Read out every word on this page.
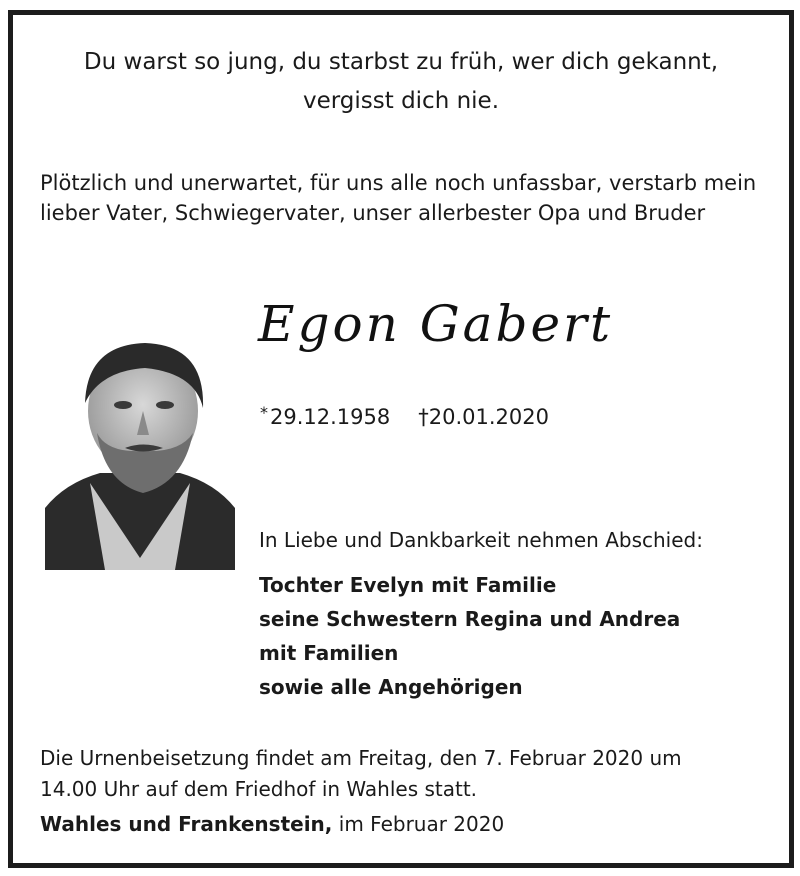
Du warst so jung, du starbst zu früh, wer dich gekannt,
vergisst dich nie.
Plötzlich und unerwartet, für uns alle noch unfassbar, verstarb mein
lieber Vater, Schwiegervater, unser allerbester Opa und Bruder
Egon Gabert
*29.12.1958 †20.01.2020
In Liebe und Dankbarkeit nehmen Abschied:
Tochter Evelyn mit Familie
seine Schwestern Regina und Andrea
mit Familien
sowie alle Angehörigen
Die Urnenbeisetzung findet am Freitag, den 7. Februar 2020 um
14.00 Uhr auf dem Friedhof in Wahles statt.
Wahles und Frankenstein, im Februar 2020
